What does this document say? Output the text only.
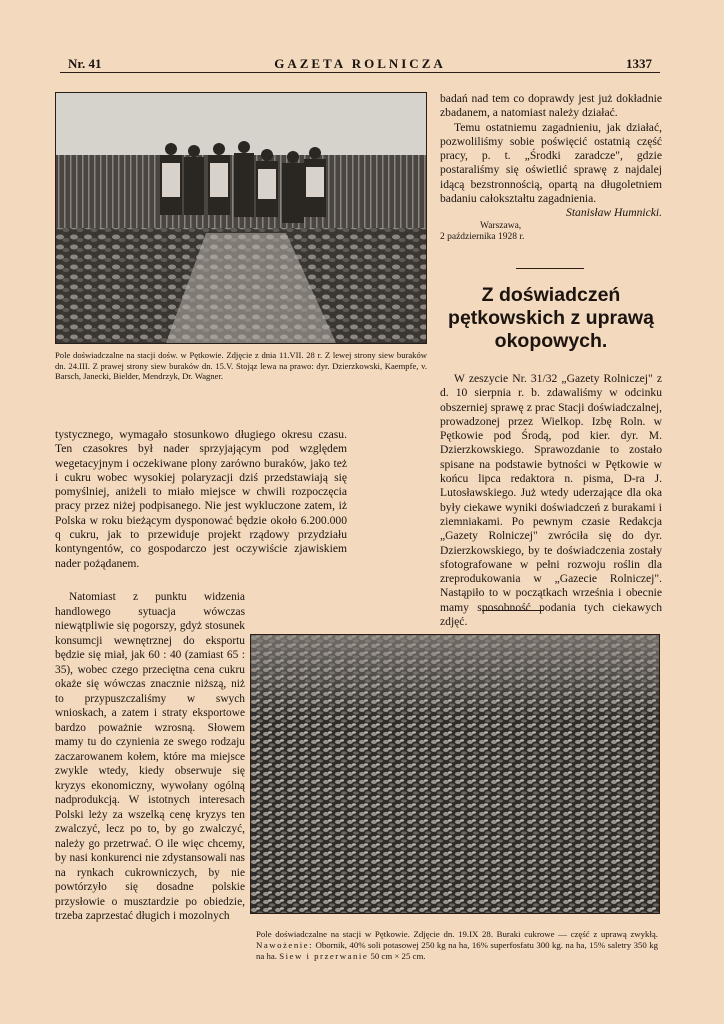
Nr. 41	GAZETA ROLNICZA	1337
Pole doświadczalne na stacji dośw. w Pętkowie. Zdjęcie z dnia 11.VII. 28 r. Z lewej strony siew buraków dn. 24.III. Z prawej strony siew buraków dn. 15.V. Stojąz lewa na prawo: dyr. Dzierzkowski, Kaempfe, v. Barsch, Janecki, Bielder, Mendrzyk, Dr. Wagner.

badań nad tem co doprawdy jest już dokładnie zbadanem, a natomiast należy działać.

Temu ostatniemu zagadnieniu, jak działać, pozwoliliśmy sobie poświęcić ostatnią część pracy, p. t. „Środki zaradcze", gdzie postaraliśmy się oświetlić sprawę z najdalej idącą bezstronnością, opartą na długoletniem badaniu całokształtu zagadnienia.

Stanisław Humnicki.

Warszawa,

2 października 1928 r.

Z doświadczeń pętkowskich z uprawą okopowych.

W zeszycie Nr. 31/32 „Gazety Rolniczej" z d. 10 sierpnia r. b. zdawaliśmy w odcinku obszerniej sprawę z prac Stacji doświadczalnej, prowadzonej przez Wielkop. Izbę Roln. w Pętkowie pod Środą, pod kier. dyr. M. Dzierzkowskiego. Sprawozdanie to zostało spisane na podstawie bytności w Pętkowie w końcu lipca redaktora n. pisma, D-ra J. Lutosławskiego. Już wtedy uderzające dla oka były ciekawe wyniki doświadczeń z burakami i ziemniakami. Po pewnym czasie Redakcja „Gazety Rolniczej" zwróciła się do dyr. Dzierzkowskiego, by te doświadczenia zostały sfotografowane w pełni rozwoju roślin dla zreprodukowania w „Gazecie Rolniczej". Nastąpiło to w początkach września i obecnie mamy sposobność podania tych ciekawych zdjęć.

tystycznego, wymagało stosunkowo długiego okresu czasu. Ten czasokres był nader sprzyjającym pod względem wegetacyjnym i oczekiwane plony zarówno buraków, jako też i cukru wobec wysokiej polaryzacji dziś przedstawiają się pomyślniej, aniżeli to miało miejsce w chwili rozpoczęcia pracy przez niżej podpisanego. Nie jest wykluczone zatem, iż Polska w roku bieżącym dysponować będzie około 6.200.000 q cukru, jak to przewiduje projekt rządowy przydziału kontyngentów, co gospodarczo jest oczywiście zjawiskiem nader pożądanem.

Natomiast z punktu widzenia handlowego sytuacja wówczas niewątpliwie się pogorszy, gdyż stosunek konsumcji wewnętrznej do eksportu będzie się miał, jak 60 : 40 (zamiast 65 : 35), wobec czego przeciętna cena cukru okaże się wówczas znacznie niższą, niż to przypuszczaliśmy w swych wnioskach, a zatem i straty eksportowe bardzo poważnie wzrosną. Słowem mamy tu do czynienia ze swego rodzaju zaczarowanem kołem, które ma miejsce zwykle wtedy, kiedy obserwuje się kryzys ekonomiczny, wywołany ogólną nadprodukcją. W istotnych interesach Polski leży za wszelką cenę kryzys ten zwalczyć, lecz po to, by go zwalczyć, należy go przetrwać. O ile więc chcemy, by nasi konkurenci nie zdystansowali nas na rynkach cukrowniczych, by nie powtórzyło się dosadne polskie przysłowie o musztardzie po obiedzie, trzeba zaprzestać długich i mozolnych

Pole doświadczalne na stacji w Pętkowie. Zdjęcie dn. 19.IX 28. Buraki cukrowe — część z uprawą zwykłą. Nawożenie: Obornik, 40% soli potasowej 250 kg na ha, 16% superfosfatu 300 kg. na ha, 15% saletry 350 kg na ha. Siew i przerwanie 50 cm × 25 cm.
